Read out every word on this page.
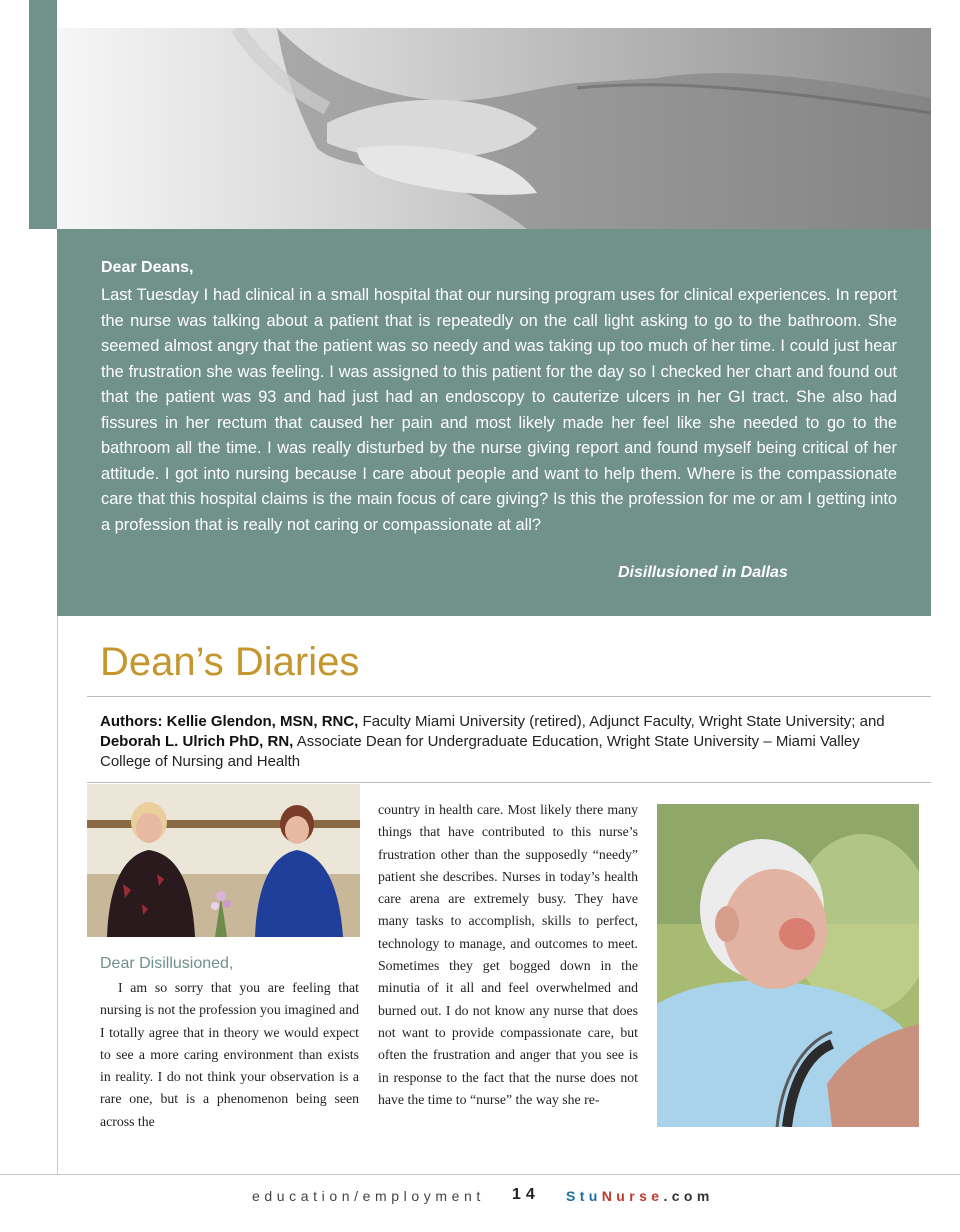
Dear Deans,
Last Tuesday I had clinical in a small hospital that our nursing program uses for clinical experiences. In report the nurse was talking about a patient that is repeatedly on the call light asking to go to the bathroom. She seemed almost angry that the patient was so needy and was taking up too much of her time. I could just hear the frustration she was feeling. I was assigned to this patient for the day so I checked her chart and found out that the patient was 93 and had just had an endoscopy to cauterize ulcers in her GI tract. She also had fissures in her rectum that caused her pain and most likely made her feel like she needed to go to the bathroom all the time. I was really disturbed by the nurse giving report and found myself being critical of her attitude. I got into nursing because I care about people and want to help them. Where is the compassionate care that this hospital claims is the main focus of care giving? Is this the profession for me or am I getting into a profession that is really not caring or compassionate at all?
Disillusioned in Dallas
Dean’s Diaries
Authors: Kellie Glendon, MSN, RNC, Faculty Miami University (retired), Adjunct Faculty, Wright State University; and Deborah L. Ulrich PhD, RN, Associate Dean for Undergraduate Education, Wright State University – Miami Valley College of Nursing and Health
Dear Disillusioned,
I am so sorry that you are feeling that nursing is not the profession you imagined and I totally agree that in theory we would expect to see a more caring environment than exists in reality. I do not think your observation is a rare one, but is a phenomenon being seen across the
country in health care. Most likely there many things that have contributed to this nurse’s frustration other than the supposedly “needy” patient she describes. Nurses in today’s health care arena are extremely busy. They have many tasks to accomplish, skills to perfect, technology to manage, and outcomes to meet. Sometimes they get bogged down in the minutia of it all and feel overwhelmed and burned out. I do not know any nurse that does not want to provide compassionate care, but often the frustration and anger that you see is in response to the fact that the nurse does not have the time to “nurse” the way she re-
education/employment 14 StuNurse.com
